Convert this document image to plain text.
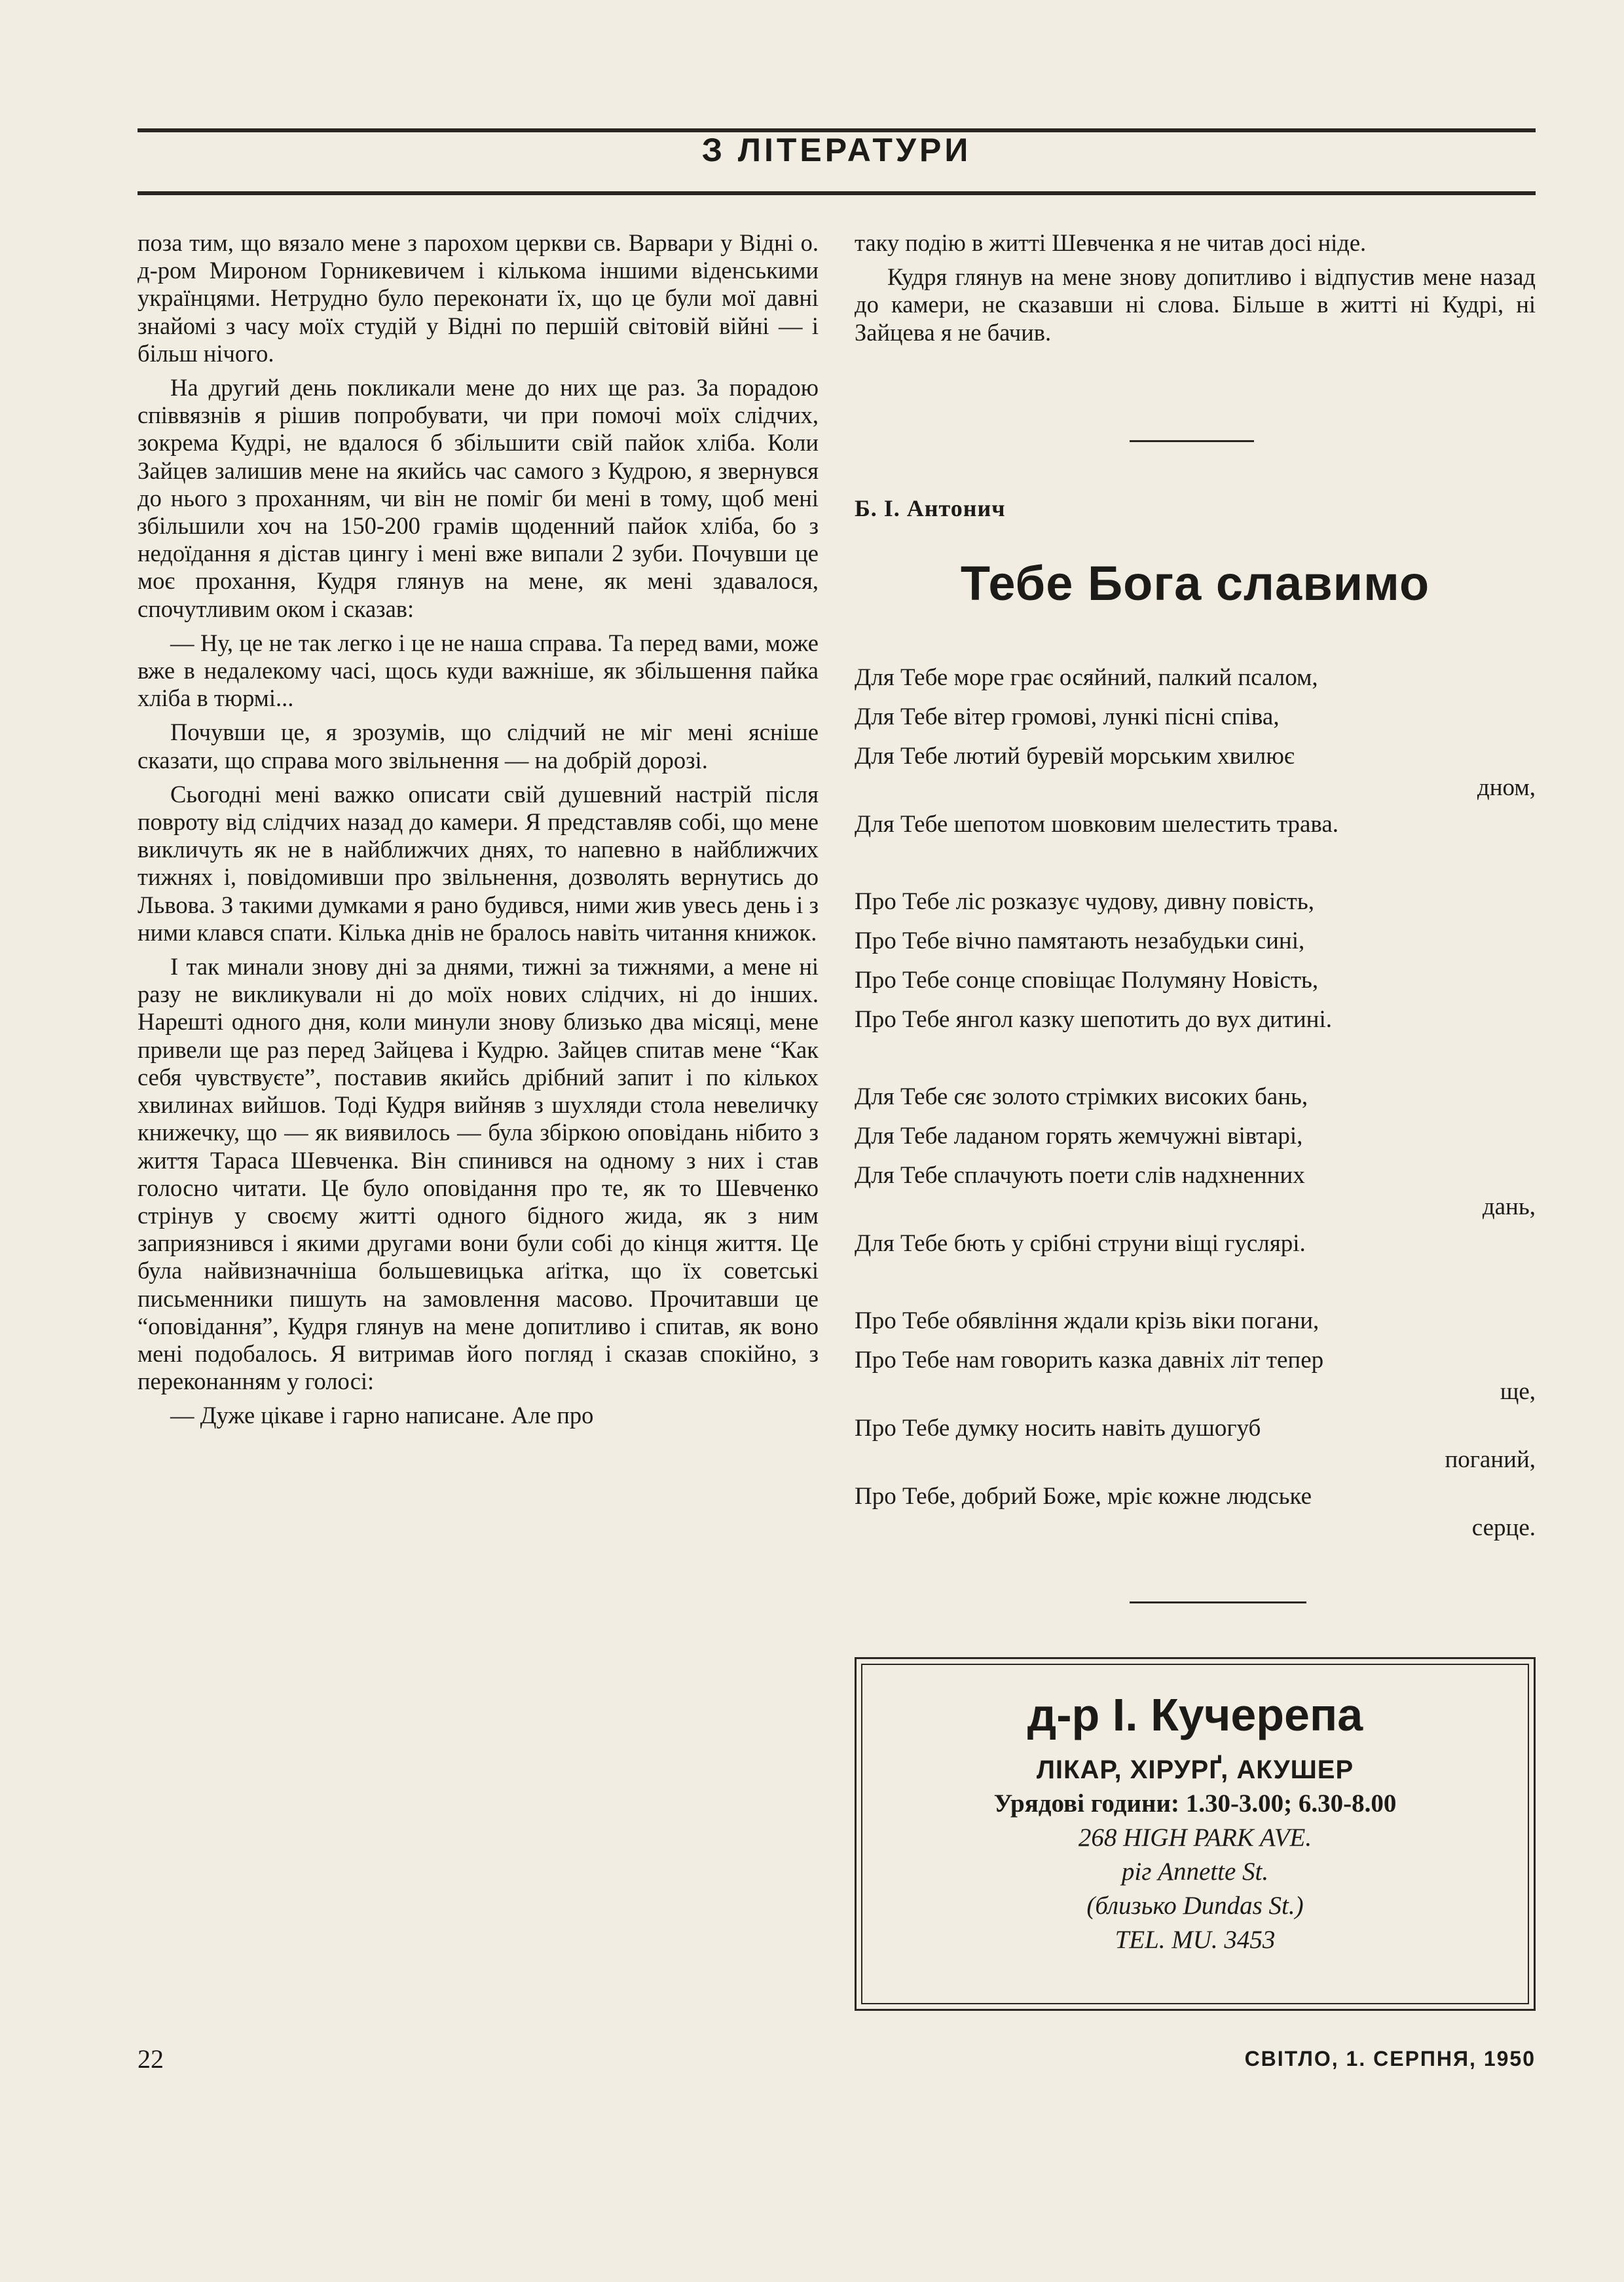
З ЛІТЕРАТУРИ

поза тим, що вязало мене з парохом церкви св. Варвари у Відні о. д-ром Мироном Горникевичем і кількома іншими віденськими українцями. Нетрудно було переконати їх, що це були мої давні знайомі з часу моїх студій у Відні по першій світовій війні — і більш нічого.

На другий день покликали мене до них ще раз. За порадою співвязнів я рішив попробувати, чи при помочі моїх слідчих, зокрема Кудрі, не вдалося б збільшити свій пайок хліба. Коли Зайцев залишив мене на якийсь час самого з Кудрою, я звернувся до нього з проханням, чи він не поміг би мені в тому, щоб мені збільшили хоч на 150-200 грамів щоденний пайок хліба, бо з недоїдання я дістав цингу і мені вже випали 2 зуби. Почувши це моє прохання, Кудря глянув на мене, як мені здавалося, спочутливим оком і сказав:

— Ну, це не так легко і це не наша справа. Та перед вами, може вже в недалекому часі, щось куди важніше, як збільшення пайка хліба в тюрмі...

Почувши це, я зрозумів, що слідчий не міг мені ясніше сказати, що справа мого звільнення — на добрій дорозі.

Сьогодні мені важко описати свій душевний настрій після повроту від слідчих назад до камери. Я представляв собі, що мене викличуть як не в найближчих днях, то напевно в найближчих тижнях і, повідомивши про звільнення, дозволять вернутись до Львова. З такими думками я рано будився, ними жив увесь день і з ними клався спати. Кілька днів не бралось навіть читання книжок.

І так минали знову дні за днями, тижні за тижнями, а мене ні разу не викликували ні до моїх нових слідчих, ні до інших. Нарешті одного дня, коли минули знову близько два місяці, мене привели ще раз перед Зайцева і Кудрю. Зайцев спитав мене “Как себя чувствуєте”, поставив якийсь дрібний запит і по кількох хвилинах вийшов. Тоді Кудря вийняв з шухляди стола невеличку книжечку, що — як виявилось — була збіркою оповідань нібито з життя Тараса Шевченка. Він спинився на одному з них і став голосно читати. Це було оповідання про те, як то Шевченко стрінув у своєму житті одного бідного жида, як з ним заприязнився і якими другами вони були собі до кінця життя. Це була найвизначніша большевицька аґітка, що їх советські письменники пишуть на замовлення масово. Прочитавши це “оповідання”, Кудря глянув на мене допитливо і спитав, як воно мені подобалось. Я витримав його погляд і сказав спокійно, з переконанням у голосі:

— Дуже цікаве і гарно написане. Але про

таку подію в житті Шевченка я не читав досі ніде.

Кудря глянув на мене знову допитливо і відпустив мене назад до камери, не сказавши ні слова. Більше в житті ні Кудрі, ні Зайцева я не бачив.

Б. І. Антонич
Тебе Бога славимо
Для Тебе море грає осяйний, палкий псалом,
Для Тебе вітер громові, лункі пісні співа,
Для Тебе лютий буревій морським хвилює
дном,
Для Тебе шепотом шовковим шелестить трава.
Про Тебе ліс розказує чудову, дивну повість,
Про Тебе вічно памятають незабудьки сині,
Про Тебе сонце сповіщає Полумяну Новість,
Про Тебе янгол казку шепотить до вух дитині.
Для Тебе сяє золото стрімких високих бань,
Для Тебе ладаном горять жемчужні вівтарі,
Для Тебе сплачують поети слів надхненних
дань,
Для Тебе бють у срібні струни віщі гуслярі.
Про Тебе обявління ждали крізь віки погани,
Про Тебе нам говорить казка давніх літ тепер
ще,
Про Тебе думку носить навіть душогуб
поганий,
Про Тебе, добрий Боже, мріє кожне людське
серце.
д-р І. Кучерепа
ЛІКАР, ХІРУРҐ, АКУШЕР
Урядові години: 1.30-3.00; 6.30-8.00
268 HIGH PARK AVE.
ріг Annette St.
(близько Dundas St.)
TEL. MU. 3453
22	СВІТЛО, 1. СЕРПНЯ, 1950
